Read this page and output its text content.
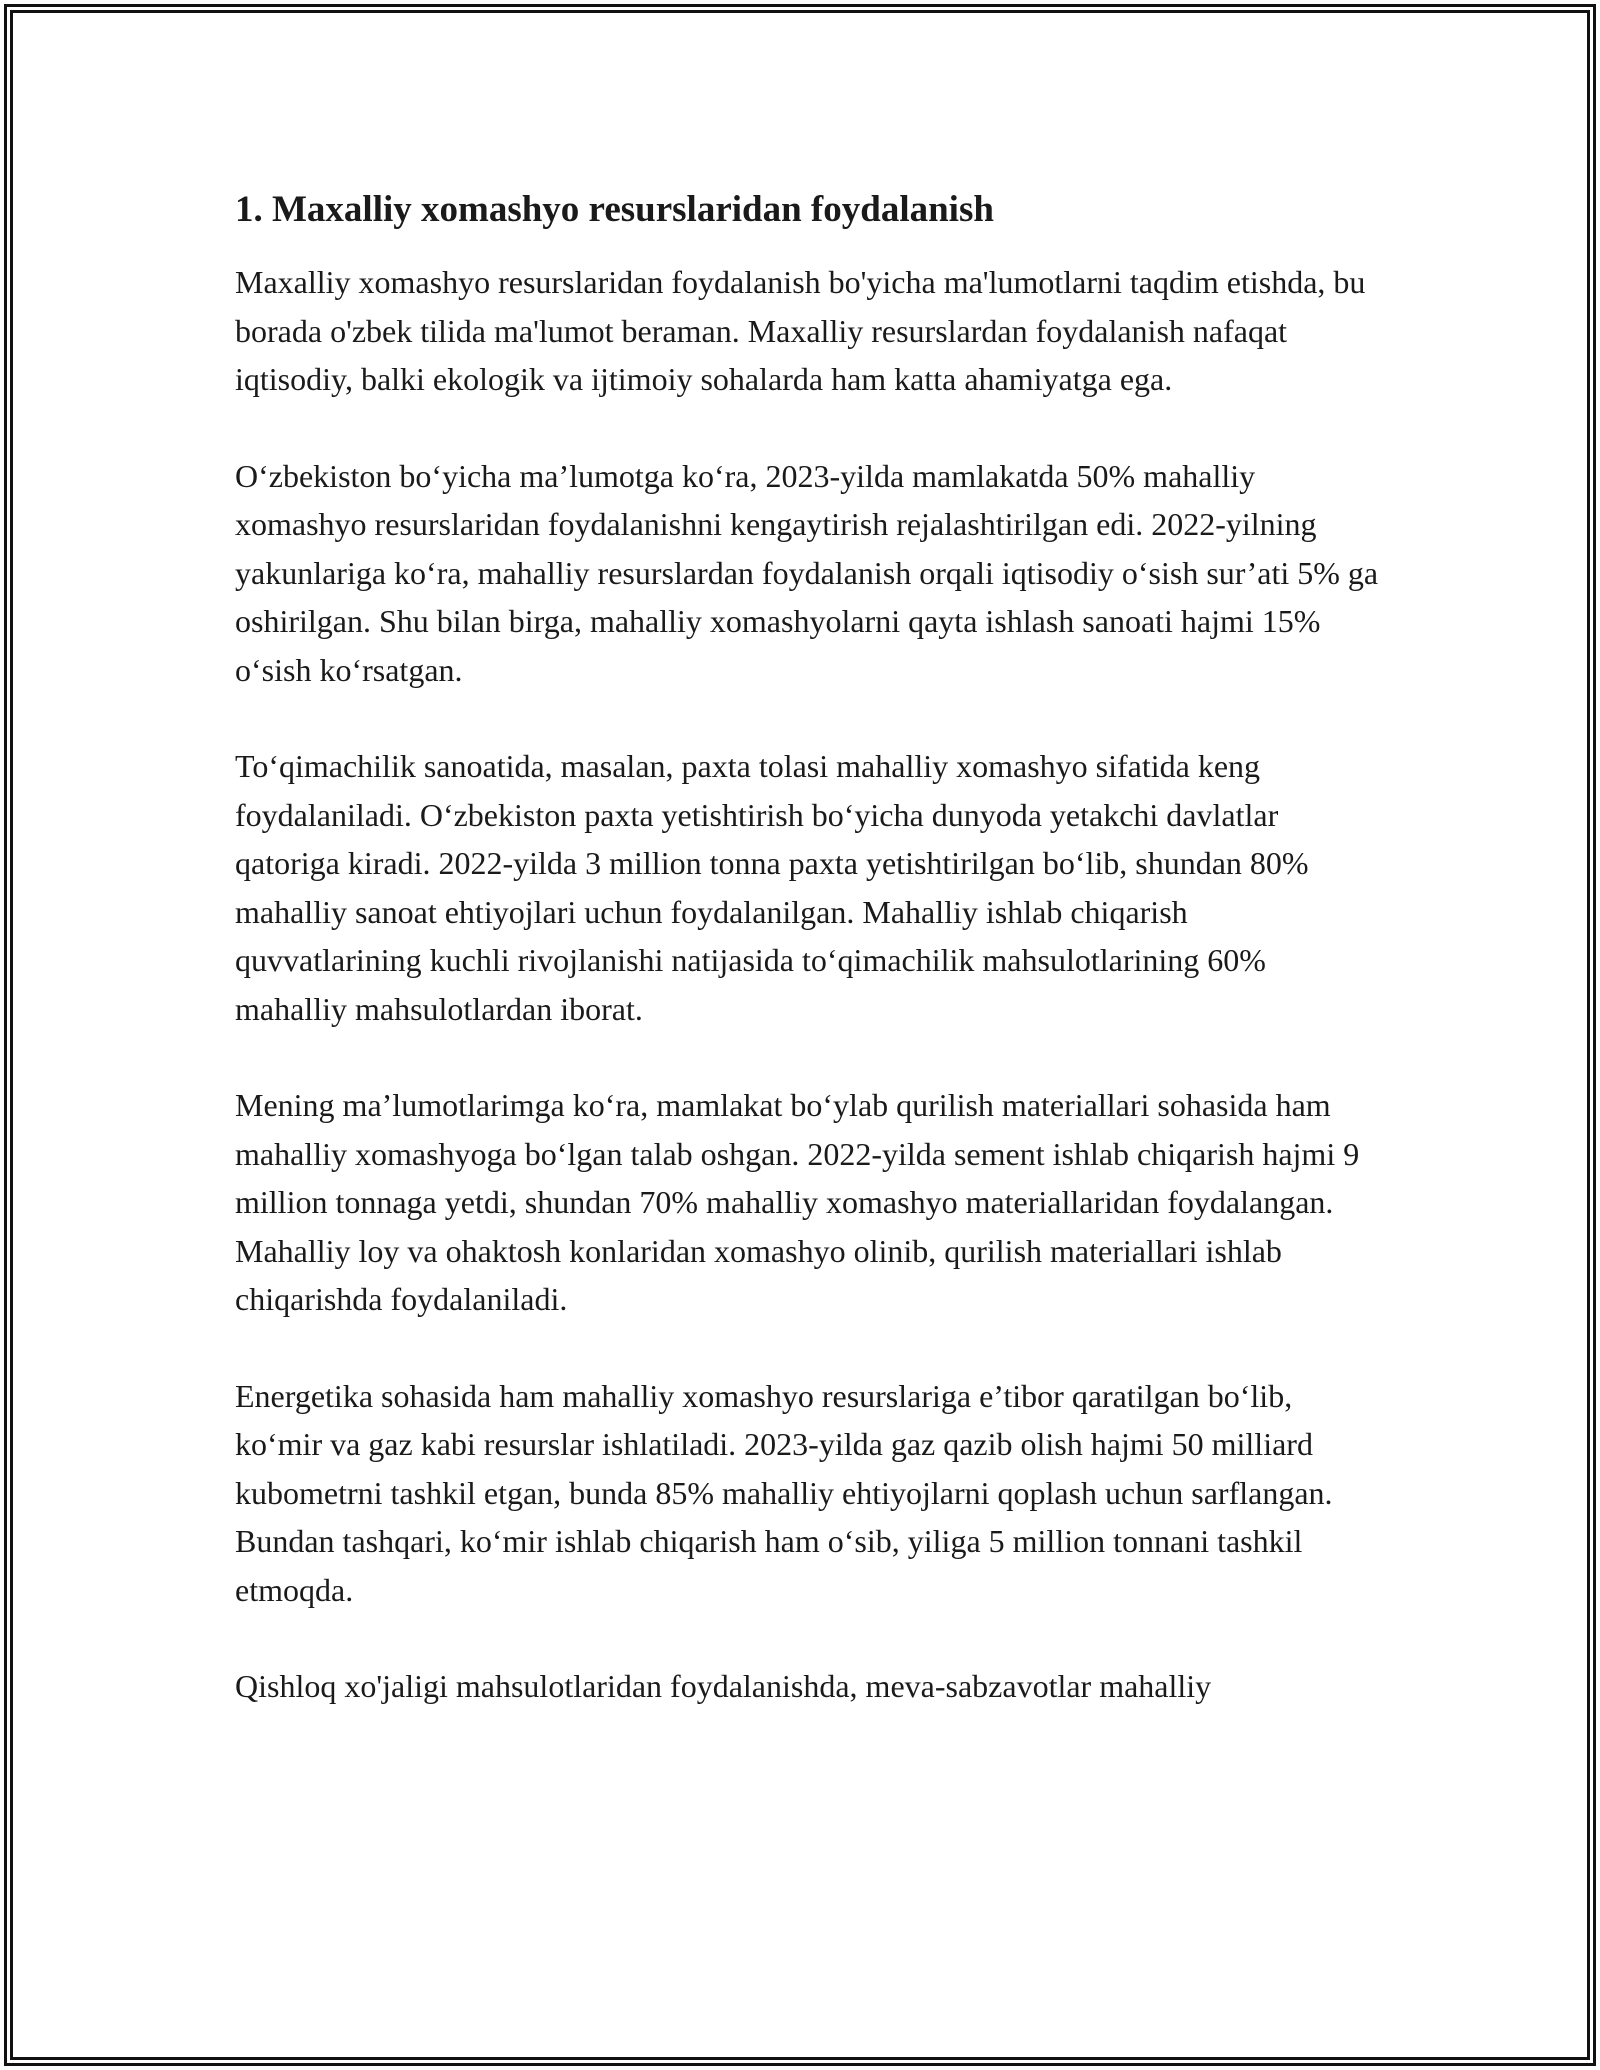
1. Maxalliy xomashyo resurslaridan foydalanish

Maxalliy xomashyo resurslaridan foydalanish bo'yicha ma'lumotlarni taqdim etishda, bu borada o'zbek tilida ma'lumot beraman. Maxalliy resurslardan foydalanish nafaqat iqtisodiy, balki ekologik va ijtimoiy sohalarda ham katta ahamiyatga ega.

O‘zbekiston bo‘yicha ma’lumotga ko‘ra, 2023-yilda mamlakatda 50% mahalliy xomashyo resurslaridan foydalanishni kengaytirish rejalashtirilgan edi. 2022-yilning yakunlariga ko‘ra, mahalliy resurslardan foydalanish orqali iqtisodiy o‘sish sur’ati 5% ga oshirilgan. Shu bilan birga, mahalliy xomashyolarni qayta ishlash sanoati hajmi 15% o‘sish ko‘rsatgan.

To‘qimachilik sanoatida, masalan, paxta tolasi mahalliy xomashyo sifatida keng foydalaniladi. O‘zbekiston paxta yetishtirish bo‘yicha dunyoda yetakchi davlatlar qatoriga kiradi. 2022-yilda 3 million tonna paxta yetishtirilgan bo‘lib, shundan 80% mahalliy sanoat ehtiyojlari uchun foydalanilgan. Mahalliy ishlab chiqarish quvvatlarining kuchli rivojlanishi natijasida to‘qimachilik mahsulotlarining 60% mahalliy mahsulotlardan iborat.

Mening ma’lumotlarimga ko‘ra, mamlakat bo‘ylab qurilish materiallari sohasida ham mahalliy xomashyoga bo‘lgan talab oshgan. 2022-yilda sement ishlab chiqarish hajmi 9 million tonnaga yetdi, shundan 70% mahalliy xomashyo materiallaridan foydalangan. Mahalliy loy va ohaktosh konlaridan xomashyo olinib, qurilish materiallari ishlab chiqarishda foydalaniladi.

Energetika sohasida ham mahalliy xomashyo resurslariga e’tibor qaratilgan bo‘lib, ko‘mir va gaz kabi resurslar ishlatiladi. 2023-yilda gaz qazib olish hajmi 50 milliard kubometrni tashkil etgan, bunda 85% mahalliy ehtiyojlarni qoplash uchun sarflangan. Bundan tashqari, ko‘mir ishlab chiqarish ham o‘sib, yiliga 5 million tonnani tashkil etmoqda.

Qishloq xo'jaligi mahsulotlaridan foydalanishda, meva-sabzavotlar mahalliy
